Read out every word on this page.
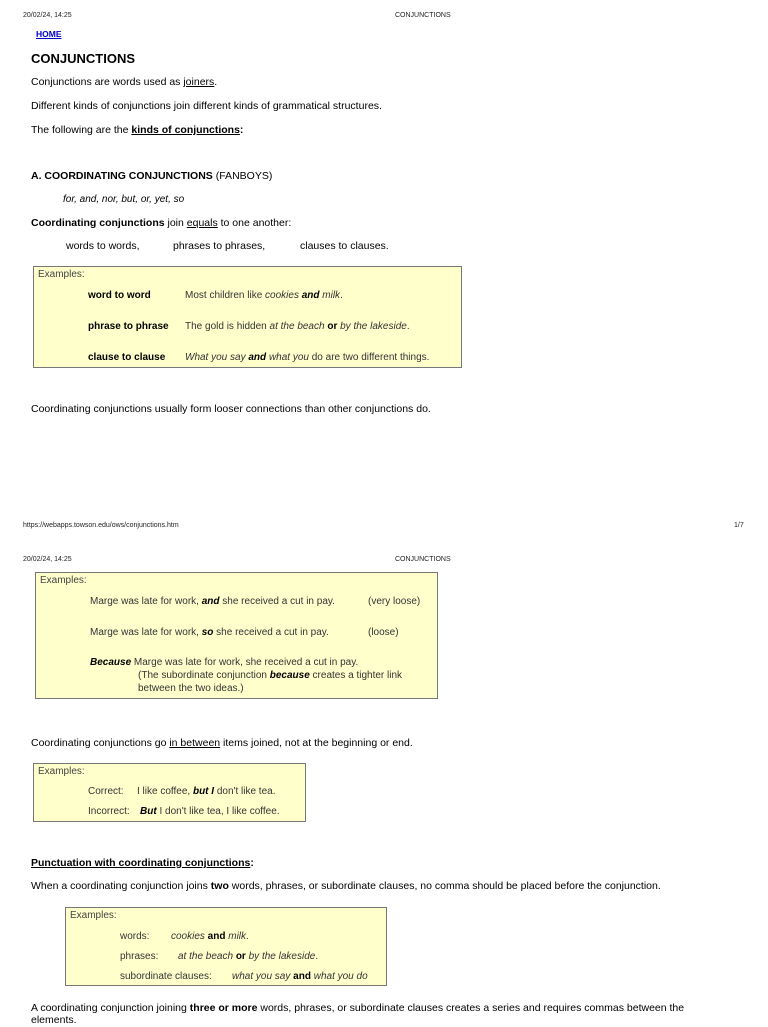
20/02/24, 14:25	CONJUNCTIONS
HOME
CONJUNCTIONS
Conjunctions are words used as joiners.
Different kinds of conjunctions join different kinds of grammatical structures.
The following are the kinds of conjunctions:
A. COORDINATING CONJUNCTIONS (FANBOYS)
for, and, nor, but, or, yet, so
Coordinating conjunctions join equals to one another:
words to words,	phrases to phrases,	clauses to clauses.
Examples:
word to word	Most children like cookies and milk.
phrase to phrase The gold is hidden at the beach or by the lakeside.
clause to clause What you say and what you do are two different things.
Coordinating conjunctions usually form looser connections than other conjunctions do.
https://webapps.towson.edu/ows/conjunctions.htm	1/7
20/02/24, 14:25	CONJUNCTIONS
Examples:
Marge was late for work, and she received a cut in pay.	(very loose)
Marge was late for work, so she received a cut in pay.	(loose)
Because Marge was late for work, she received a cut in pay.
(The subordinate conjunction because creates a tighter link
between the two ideas.)
Coordinating conjunctions go in between items joined, not at the beginning or end.
Examples:
Correct: I like coffee, but I don't like tea.
Incorrect: But I don't like tea, I like coffee.
Punctuation with coordinating conjunctions:
When a coordinating conjunction joins two words, phrases, or subordinate clauses, no comma should be placed before the conjunction.
Examples:
words: cookies and milk.
phrases: at the beach or by the lakeside.
subordinate clauses: what you say and what you do
A coordinating conjunction joining three or more words, phrases, or subordinate clauses creates a series and requires commas between the
elements.
